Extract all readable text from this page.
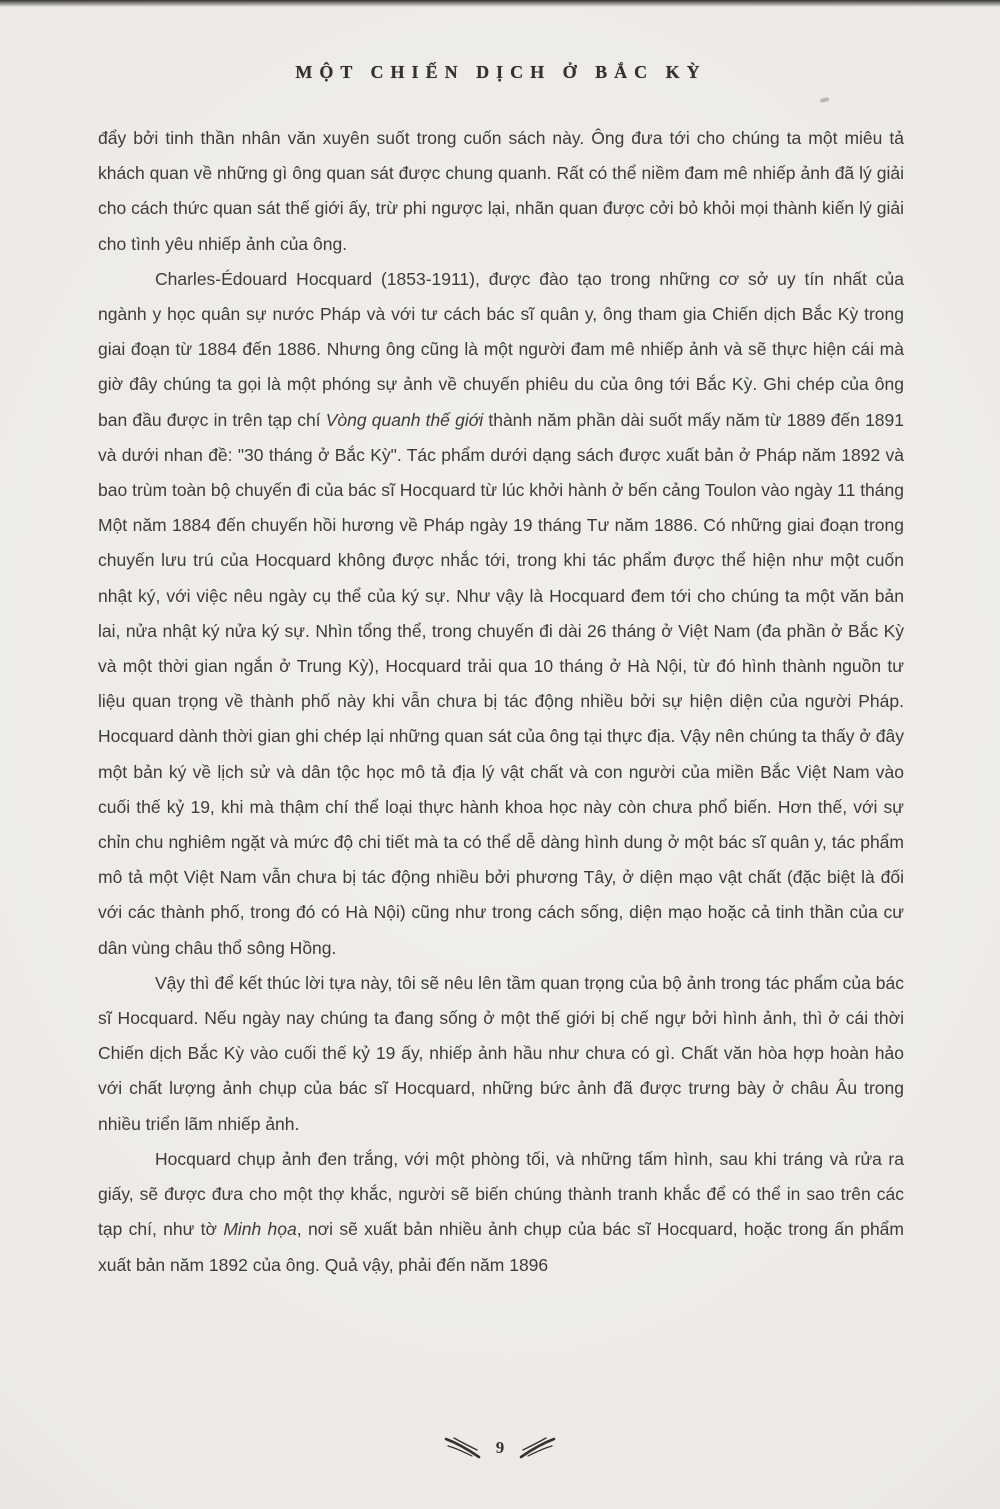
MỘT CHIẾN DỊCH Ở BẮC KỲ

đẩy bởi tinh thần nhân văn xuyên suốt trong cuốn sách này. Ông đưa tới cho chúng ta một miêu tả khách quan về những gì ông quan sát được chung quanh. Rất có thể niềm đam mê nhiếp ảnh đã lý giải cho cách thức quan sát thế giới ấy, trừ phi ngược lại, nhãn quan được cởi bỏ khỏi mọi thành kiến lý giải cho tình yêu nhiếp ảnh của ông.

Charles-Édouard Hocquard (1853-1911), được đào tạo trong những cơ sở uy tín nhất của ngành y học quân sự nước Pháp và với tư cách bác sĩ quân y, ông tham gia Chiến dịch Bắc Kỳ trong giai đoạn từ 1884 đến 1886. Nhưng ông cũng là một người đam mê nhiếp ảnh và sẽ thực hiện cái mà giờ đây chúng ta gọi là một phóng sự ảnh về chuyến phiêu du của ông tới Bắc Kỳ. Ghi chép của ông ban đầu được in trên tạp chí Vòng quanh thế giới thành năm phần dài suốt mấy năm từ 1889 đến 1891 và dưới nhan đề: "30 tháng ở Bắc Kỳ". Tác phẩm dưới dạng sách được xuất bản ở Pháp năm 1892 và bao trùm toàn bộ chuyến đi của bác sĩ Hocquard từ lúc khởi hành ở bến cảng Toulon vào ngày 11 tháng Một năm 1884 đến chuyến hồi hương về Pháp ngày 19 tháng Tư năm 1886. Có những giai đoạn trong chuyến lưu trú của Hocquard không được nhắc tới, trong khi tác phẩm được thể hiện như một cuốn nhật ký, với việc nêu ngày cụ thể của ký sự. Như vậy là Hocquard đem tới cho chúng ta một văn bản lai, nửa nhật ký nửa ký sự. Nhìn tổng thể, trong chuyến đi dài 26 tháng ở Việt Nam (đa phần ở Bắc Kỳ và một thời gian ngắn ở Trung Kỳ), Hocquard trải qua 10 tháng ở Hà Nội, từ đó hình thành nguồn tư liệu quan trọng về thành phố này khi vẫn chưa bị tác động nhiều bởi sự hiện diện của người Pháp. Hocquard dành thời gian ghi chép lại những quan sát của ông tại thực địa. Vậy nên chúng ta thấy ở đây một bản ký về lịch sử và dân tộc học mô tả địa lý vật chất và con người của miền Bắc Việt Nam vào cuối thế kỷ 19, khi mà thậm chí thể loại thực hành khoa học này còn chưa phổ biến. Hơn thế, với sự chỉn chu nghiêm ngặt và mức độ chi tiết mà ta có thể dễ dàng hình dung ở một bác sĩ quân y, tác phẩm mô tả một Việt Nam vẫn chưa bị tác động nhiều bởi phương Tây, ở diện mạo vật chất (đặc biệt là đối với các thành phố, trong đó có Hà Nội) cũng như trong cách sống, diện mạo hoặc cả tinh thần của cư dân vùng châu thổ sông Hồng.

Vậy thì để kết thúc lời tựa này, tôi sẽ nêu lên tầm quan trọng của bộ ảnh trong tác phẩm của bác sĩ Hocquard. Nếu ngày nay chúng ta đang sống ở một thế giới bị chế ngự bởi hình ảnh, thì ở cái thời Chiến dịch Bắc Kỳ vào cuối thế kỷ 19 ấy, nhiếp ảnh hầu như chưa có gì. Chất văn hòa hợp hoàn hảo với chất lượng ảnh chụp của bác sĩ Hocquard, những bức ảnh đã được trưng bày ở châu Âu trong nhiều triển lãm nhiếp ảnh.

Hocquard chụp ảnh đen trắng, với một phòng tối, và những tấm hình, sau khi tráng và rửa ra giấy, sẽ được đưa cho một thợ khắc, người sẽ biến chúng thành tranh khắc để có thể in sao trên các tạp chí, như tờ Minh họa, nơi sẽ xuất bản nhiều ảnh chụp của bác sĩ Hocquard, hoặc trong ấn phẩm xuất bản năm 1892 của ông. Quả vậy, phải đến năm 1896

9
